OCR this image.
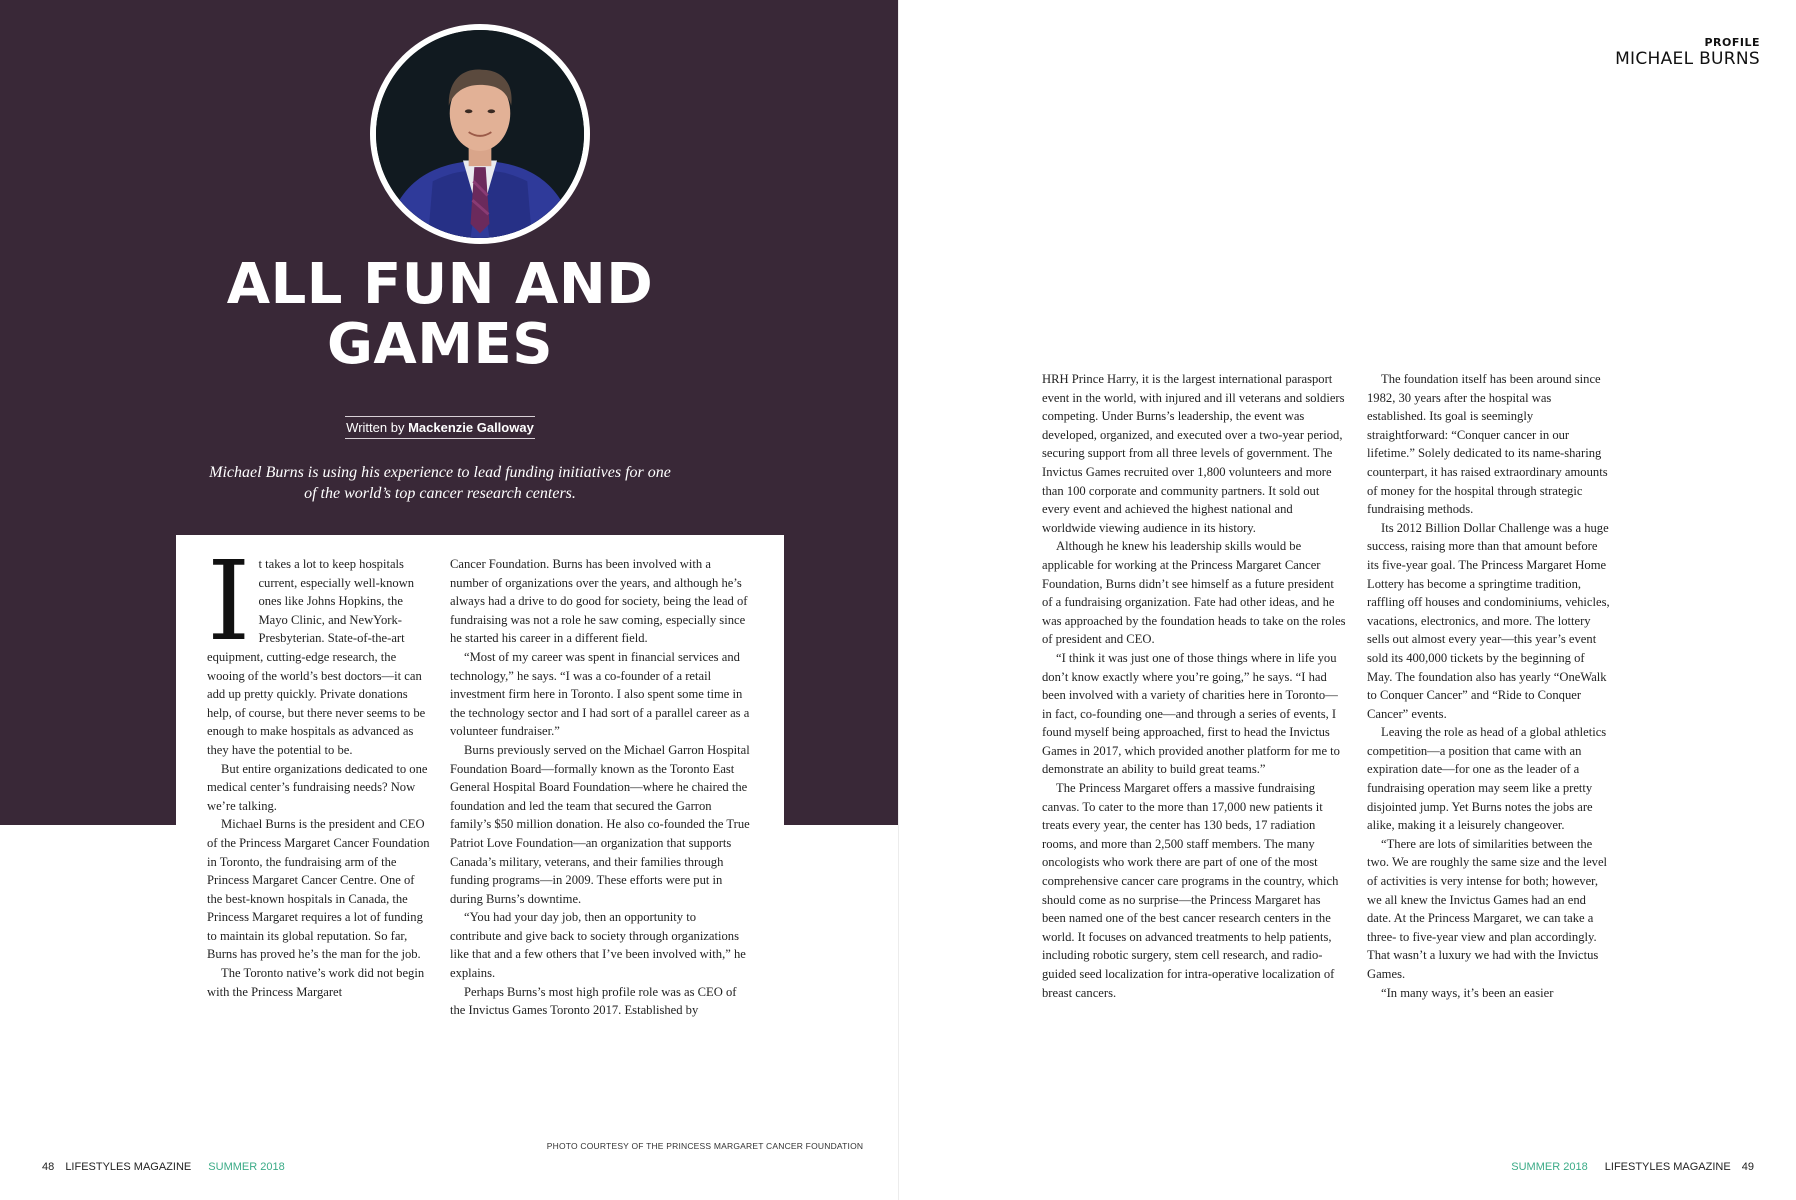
ALL FUN AND GAMES
Written by Mackenzie Galloway
Michael Burns is using his experience to lead funding initiatives for one of the world’s top cancer research centers.
I t takes a lot to keep hospitals current, especially well-known ones like Johns Hopkins, the Mayo Clinic, and NewYork-Presbyterian. State-of-the-art equipment, cutting-edge research, the wooing of the world’s best doctors—it can add up pretty quickly. Private donations help, of course, but there never seems to be enough to make hospitals as advanced as they have the potential to be.

But entire organizations dedicated to one medical center’s fundraising needs? Now we’re talking.

Michael Burns is the president and CEO of the Princess Margaret Cancer Foundation in Toronto, the fundraising arm of the Princess Margaret Cancer Centre. One of the best-known hospitals in Canada, the Princess Margaret requires a lot of funding to maintain its global reputation. So far, Burns has proved he’s the man for the job.

The Toronto native’s work did not begin with the Princess Margaret

Cancer Foundation. Burns has been involved with a number of organizations over the years, and although he’s always had a drive to do good for society, being the lead of fundraising was not a role he saw coming, especially since he started his career in a different field.

“Most of my career was spent in financial services and technology,” he says. “I was a co-founder of a retail investment firm here in Toronto. I also spent some time in the technology sector and I had sort of a parallel career as a volunteer fundraiser.”

Burns previously served on the Michael Garron Hospital Foundation Board—formally known as the Toronto East General Hospital Board Foundation—where he chaired the foundation and led the team that secured the Garron family’s $50 million donation. He also co-founded the True Patriot Love Foundation—an organization that supports Canada’s military, veterans, and their families through funding programs—in 2009. These efforts were put in during Burns’s downtime.

“You had your day job, then an opportunity to contribute and give back to society through organizations like that and a few others that I’ve been involved with,” he explains.

Perhaps Burns’s most high profile role was as CEO of the Invictus Games Toronto 2017. Established by

PHOTO COURTESY OF THE PRINCESS MARGARET CANCER FOUNDATION
48 LIFESTYLES MAGAZINE SUMMER 2018
PROFILE
MICHAEL BURNS

HRH Prince Harry, it is the largest international parasport event in the world, with injured and ill veterans and soldiers competing. Under Burns’s leadership, the event was developed, organized, and executed over a two-year period, securing support from all three levels of government. The Invictus Games recruited over 1,800 volunteers and more than 100 corporate and community partners. It sold out every event and achieved the highest national and worldwide viewing audience in its history.

Although he knew his leadership skills would be applicable for working at the Princess Margaret Cancer Foundation, Burns didn’t see himself as a future president of a fundraising organization. Fate had other ideas, and he was approached by the foundation heads to take on the roles of president and CEO.

“I think it was just one of those things where in life you don’t know exactly where you’re going,” he says. “I had been involved with a variety of charities here in Toronto—in fact, co-founding one—and through a series of events, I found myself being approached, first to head the Invictus Games in 2017, which provided another platform for me to demonstrate an ability to build great teams.”

The Princess Margaret offers a massive fundraising canvas. To cater to the more than 17,000 new patients it treats every year, the center has 130 beds, 17 radiation rooms, and more than 2,500 staff members. The many oncologists who work there are part of one of the most comprehensive cancer care programs in the country, which should come as no surprise—the Princess Margaret has been named one of the best cancer research centers in the world. It focuses on advanced treatments to help patients, including robotic surgery, stem cell research, and radio-guided seed localization for intra-operative localization of breast cancers.

The foundation itself has been around since 1982, 30 years after the hospital was established. Its goal is seemingly straightforward: “Conquer cancer in our lifetime.” Solely dedicated to its name-sharing counterpart, it has raised extraordinary amounts of money for the hospital through strategic fundraising methods.

Its 2012 Billion Dollar Challenge was a huge success, raising more than that amount before its five-year goal. The Princess Margaret Home Lottery has become a springtime tradition, raffling off houses and condominiums, vehicles, vacations, electronics, and more. The lottery sells out almost every year—this year’s event sold its 400,000 tickets by the beginning of May. The foundation also has yearly “OneWalk to Conquer Cancer” and “Ride to Conquer Cancer” events.

Leaving the role as head of a global athletics competition—a position that came with an expiration date—for one as the leader of a fundraising operation may seem like a pretty disjointed jump. Yet Burns notes the jobs are alike, making it a leisurely changeover.

“There are lots of similarities between the two. We are roughly the same size and the level of activities is very intense for both; however, we all knew the Invictus Games had an end date. At the Princess Margaret, we can take a three- to five-year view and plan accordingly. That wasn’t a luxury we had with the Invictus Games.

“In many ways, it’s been an easier

SUMMER 2018 LIFESTYLES MAGAZINE 49
